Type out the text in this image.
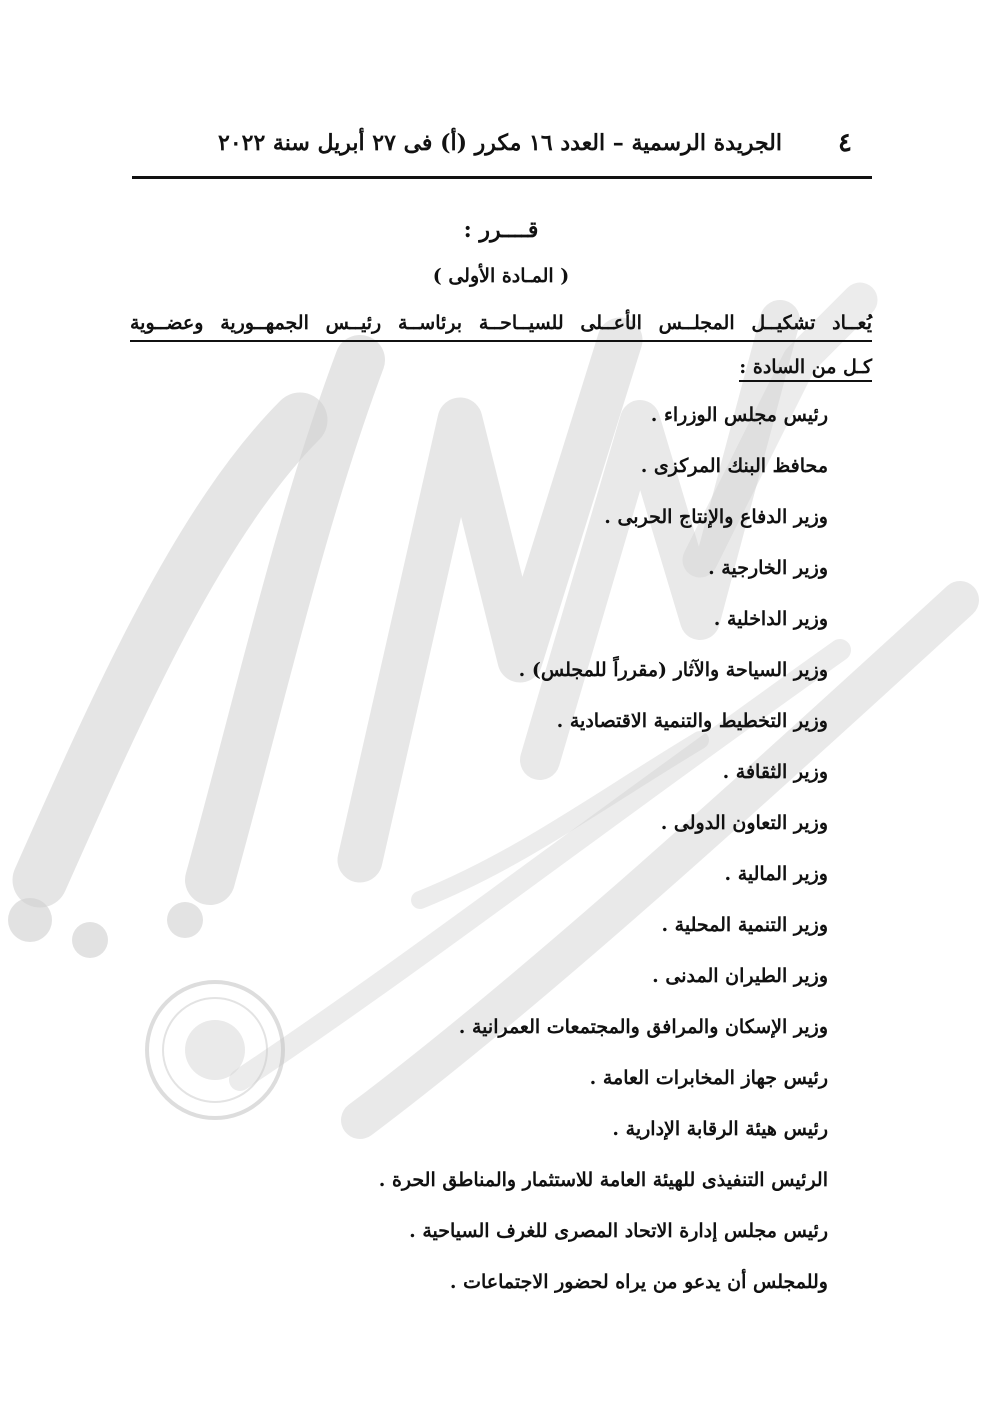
٤
الجريدة الرسمية – العدد ١٦ مكرر (أ) فى ٢٧ أبريل سنة ٢٠٢٢
قــــرر :
( المـادة الأولى )
يُعــاد تشكيــل المجلــس الأعــلى للسيــاحــة برئاســة رئيــس الجمهــورية وعضــوية
كـل من السادة :
رئيس مجلس الوزراء .
محافظ البنك المركزى .
وزير الدفاع والإنتاج الحربى .
وزير الخارجية .
وزير الداخلية .
وزير السياحة والآثار (مقرراً للمجلس) .
وزير التخطيط والتنمية الاقتصادية .
وزير الثقافة .
وزير التعاون الدولى .
وزير المالية .
وزير التنمية المحلية .
وزير الطيران المدنى .
وزير الإسكان والمرافق والمجتمعات العمرانية .
رئيس جهاز المخابرات العامة .
رئيس هيئة الرقابة الإدارية .
الرئيس التنفيذى للهيئة العامة للاستثمار والمناطق الحرة .
رئيس مجلس إدارة الاتحاد المصرى للغرف السياحية .
وللمجلس أن يدعو من يراه لحضور الاجتماعات .
